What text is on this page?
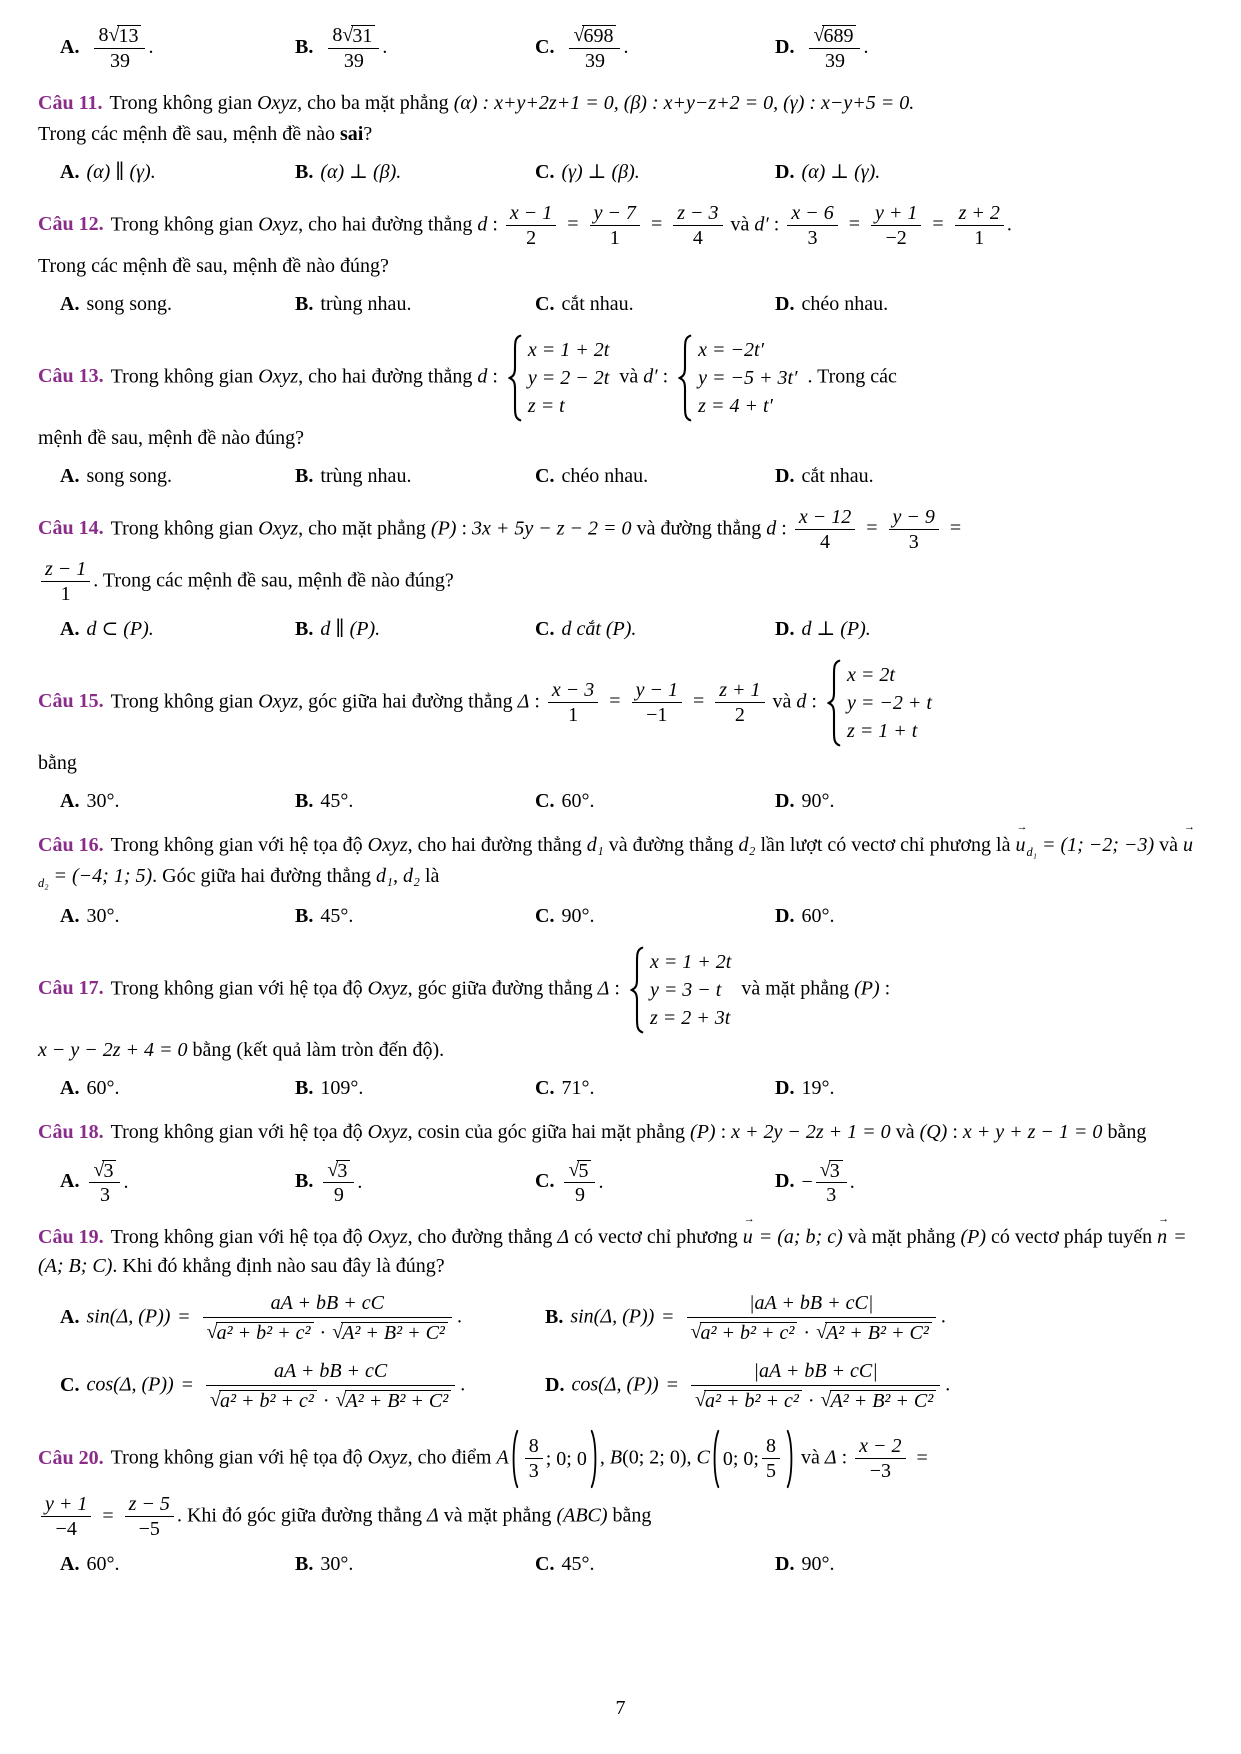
A. $\frac{8 √ 13}{39}$ .	B. $\frac{8 √ 31}{39}$ .	C. $\frac{√ 698}{39}$ .	D. $\frac{√ 689}{39}$ .
Câu 11. Trong không gian Oxyz, cho ba mặt phẳng (α) : x+y+2z+1 = 0, (β) : x+y−z+2 = 0, (γ) : x−y+5 = 0.
Trong các mệnh đề sau, mệnh đề nào sai?
A. (α) ∥ (γ).	B. (α) ⊥ (β).	C. (γ) ⊥ (β).	D. (α) ⊥ (γ).
Câu 12. Trong không gian Oxyz, cho hai đường thẳng d : $\frac{x - 1}{2} = \frac{y - 7}{1} = \frac{z - 3}{4}$ và d′ : $\frac{x - 6}{3} = \frac{y + 1}{-2} = \frac{z + 2}{1}$ .
Trong các mệnh đề sau, mệnh đề nào đúng?
A. song song.	B. trùng nhau.	C. cắt nhau.	D. chéo nhau.
Câu 13. Trong không gian Oxyz, cho hai đường thẳng d :
x = 1 + 2t
y = 2 − 2t
z = t
và d′ :
x = −2t′
y = −5 + 3t′
z = 4 + t′
. Trong các
mệnh đề sau, mệnh đề nào đúng?
A. song song.	B. trùng nhau.	C. chéo nhau.	D. cắt nhau.
Câu 14. Trong không gian Oxyz, cho mặt phẳng (P) : 3x + 5y − z − 2 = 0 và đường thẳng d : $\frac{x - 12}{4} = \frac{y - 9}{3}$ =
$\frac{z - 1}{1}$ . Trong các mệnh đề sau, mệnh đề nào đúng?
A. d ⊂ (P).	B. d ∥ (P).	C. d cắt (P).	D. d ⊥ (P).
Câu 15. Trong không gian Oxyz, góc giữa hai đường thẳng Δ : $\frac{x - 3}{1} = \frac{y - 1}{-1} = \frac{z + 1}{2}$ và d :
x = 2t
y = −2 + t
z = 1 + t
bằng
A. 30°.	B. 45°.	C. 60°.	D. 90°.
Câu 16. Trong không gian với hệ tọa độ Oxyz, cho hai đường thẳng d₁ và đường thẳng d₂ lần lượt có vectơ chỉ phương là u
→
$_{d_1}$ = (1; −2; −3) và u
→
$_{d_2}$ = (−4; 1; 5). Góc giữa hai đường thẳng d₁, d₂ là
A. 30°.	B. 45°.	C. 90°.	D. 60°.
Câu 17. Trong không gian với hệ tọa độ Oxyz, góc giữa đường thẳng Δ :
x = 1 + 2t
y = 3 − t
z = 2 + 3t
và mặt phẳng (P) :
x − y − 2z + 4 = 0 bằng (kết quả làm tròn đến độ).
A. 60°.	B. 109°.	C. 71°.	D. 19°.
Câu 18. Trong không gian với hệ tọa độ Oxyz, cosin của góc giữa hai mặt phẳng (P) : x + 2y − 2z + 1 = 0 và (Q) : x + y + z − 1 = 0 bằng
A. $\frac{√ 3}{3}$ .	B. $\frac{√ 3}{9}$ .	C. $\frac{√ 5}{9}$ .	D. − $\frac{√ 3}{3}$ .
Câu 19. Trong không gian với hệ tọa độ Oxyz, cho đường thẳng Δ có vectơ chỉ phương u
→
= (a; b; c) và mặt phẳng (P) có vectơ pháp tuyến n
→
= (A; B; C). Khi đó khẳng định nào sau đây là đúng?
A. sin(Δ, $(P)) = \frac{aA + bB + cC}{\text{√ a² + b² + c² · √ A² + B² + C²}}$ .	B. sin(Δ, $(P)) = \frac{|aA + bB + cC|}{\text{√ a² + b² + c² · √ A² + B² + C²}}$ .
C. cos(Δ, $(P)) = \frac{aA + bB + cC}{\text{√ a² + b² + c² · √ A² + B² + C²}}$ .	D. cos(Δ, $(P)) = \frac{|aA + bB + cC|}{\text{√ a² + b² + c² · √ A² + B² + C²}}$ .
Câu 20. Trong không gian với hệ tọa độ Oxyz, cho điểm A $\frac{8}{3}$ ; 0; 0 , B(0; 2; 0), C 0; 0; $\frac{8}{5}$ và Δ : $\frac{x - 2}{-3}$ =
$\frac{y + 1}{-4} = \frac{z - 5}{-5}$ . Khi đó góc giữa đường thẳng Δ và mặt phẳng (ABC) bằng
A. 60°.	B. 30°.	C. 45°.	D. 90°.
7
